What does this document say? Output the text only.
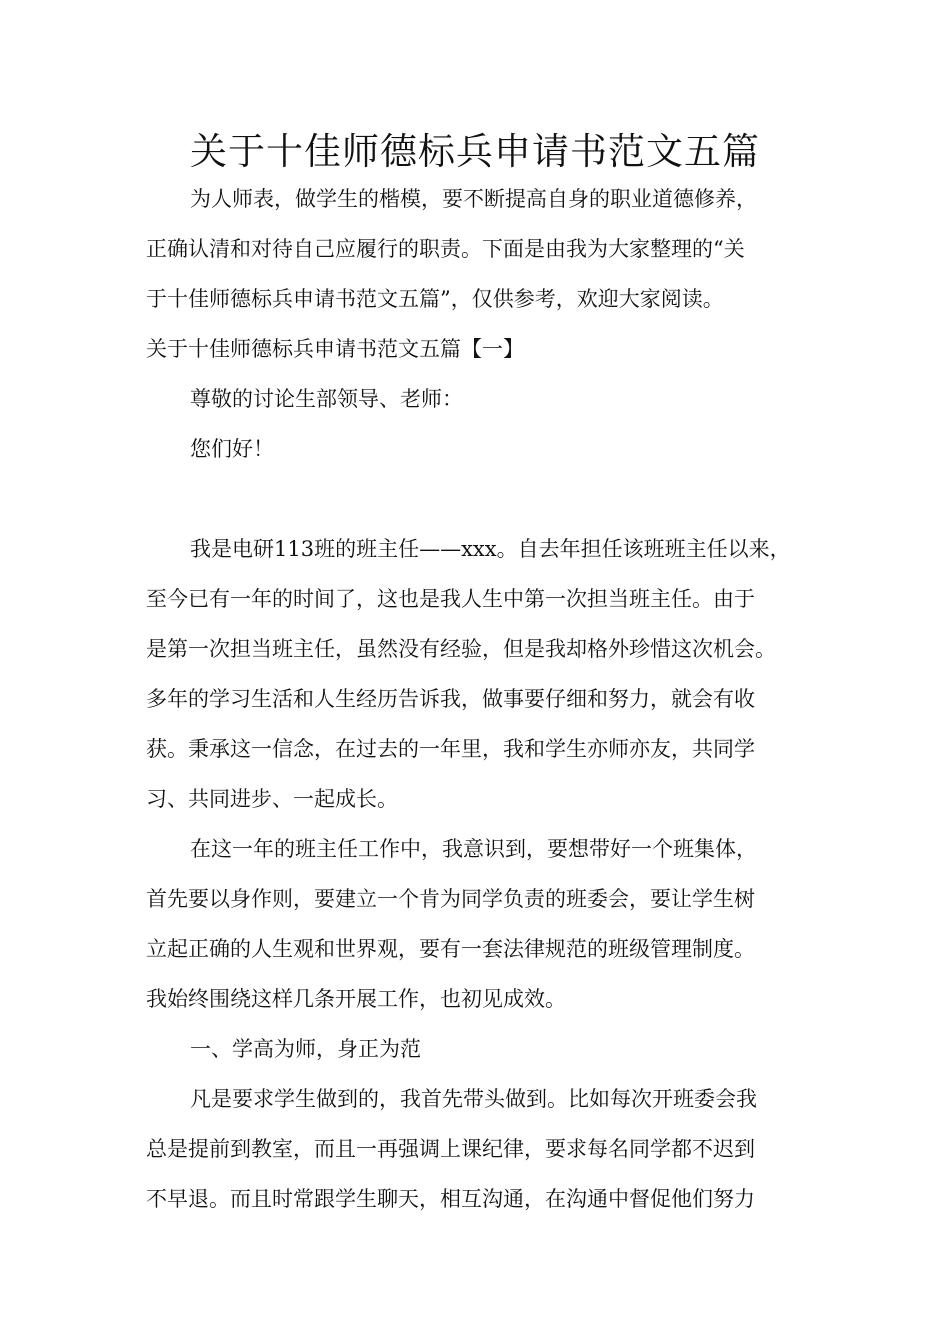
关于十佳师德标兵申请书范文五篇

为人师表，做学生的楷模，要不断提高自身的职业道德修养，

正确认清和对待自己应履行的职责。下面是由我为大家整理的“关

于十佳师德标兵申请书范文五篇”，仅供参考，欢迎大家阅读。

关于十佳师德标兵申请书范文五篇【一】

尊敬的讨论生部领导、老师：

您们好！

我是电研113班的班主任——xxx。自去年担任该班班主任以来，

至今已有一年的时间了，这也是我人生中第一次担当班主任。由于

是第一次担当班主任，虽然没有经验，但是我却格外珍惜这次机会。

多年的学习生活和人生经历告诉我，做事要仔细和努力，就会有收

获。秉承这一信念，在过去的一年里，我和学生亦师亦友，共同学

习、共同进步、一起成长。

在这一年的班主任工作中，我意识到，要想带好一个班集体，

首先要以身作则，要建立一个肯为同学负责的班委会，要让学生树

立起正确的人生观和世界观，要有一套法律规范的班级管理制度。

我始终围绕这样几条开展工作，也初见成效。

一、学高为师，身正为范

凡是要求学生做到的，我首先带头做到。比如每次开班委会我

总是提前到教室，而且一再强调上课纪律，要求每名同学都不迟到

不早退。而且时常跟学生聊天，相互沟通，在沟通中督促他们努力
